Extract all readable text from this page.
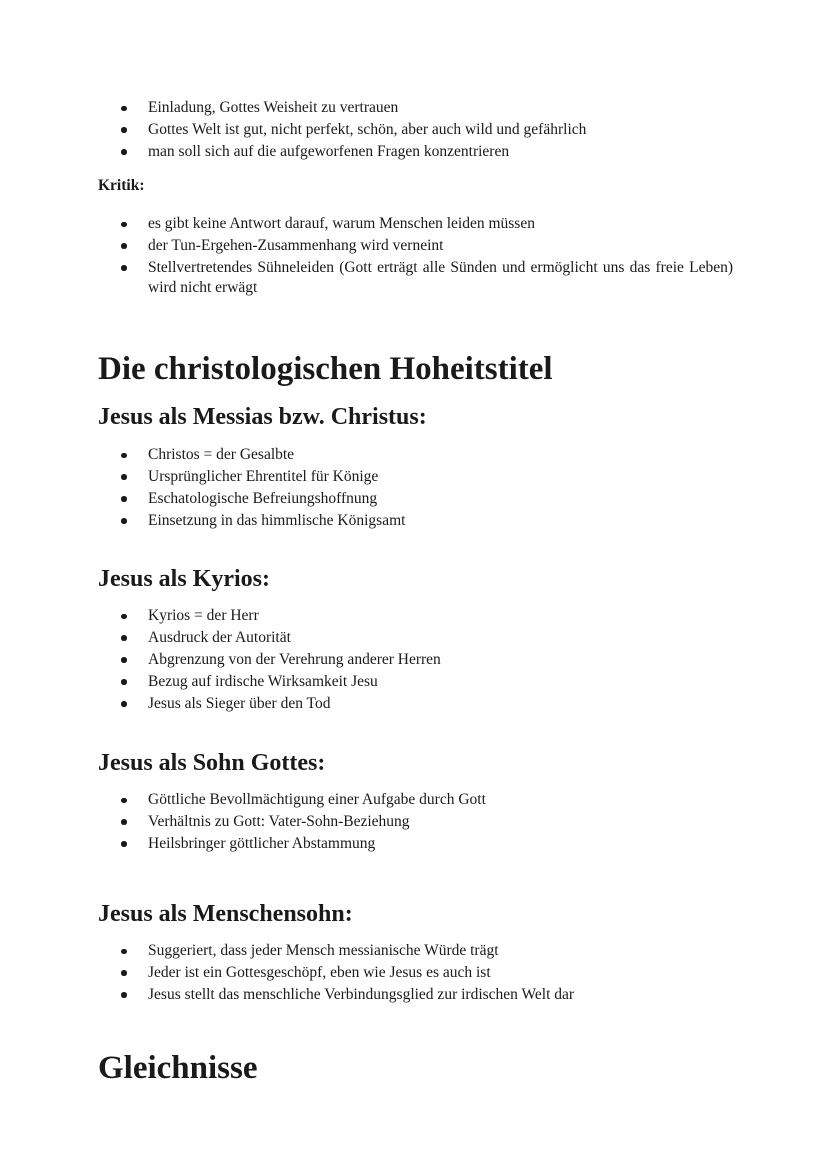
Einladung, Gottes Weisheit zu vertrauen
Gottes Welt ist gut, nicht perfekt, schön, aber auch wild und gefährlich
man soll sich auf die aufgeworfenen Fragen konzentrieren

Kritik:

es gibt keine Antwort darauf, warum Menschen leiden müssen
der Tun-Ergehen-Zusammenhang wird verneint
Stellvertretendes Sühneleiden (Gott erträgt alle Sünden und ermöglicht uns das freie Leben) wird nicht erwägt
Die christologischen Hoheitstitel
Jesus als Messias bzw. Christus:
Christos = der Gesalbte
Ursprünglicher Ehrentitel für Könige
Eschatologische Befreiungshoffnung
Einsetzung in das himmlische Königsamt
Jesus als Kyrios:
Kyrios = der Herr
Ausdruck der Autorität
Abgrenzung von der Verehrung anderer Herren
Bezug auf irdische Wirksamkeit Jesu
Jesus als Sieger über den Tod
Jesus als Sohn Gottes:
Göttliche Bevollmächtigung einer Aufgabe durch Gott
Verhältnis zu Gott: Vater-Sohn-Beziehung
Heilsbringer göttlicher Abstammung
Jesus als Menschensohn:
Suggeriert, dass jeder Mensch messianische Würde trägt
Jeder ist ein Gottesgeschöpf, eben wie Jesus es auch ist
Jesus stellt das menschliche Verbindungsglied zur irdischen Welt dar
Gleichnisse
